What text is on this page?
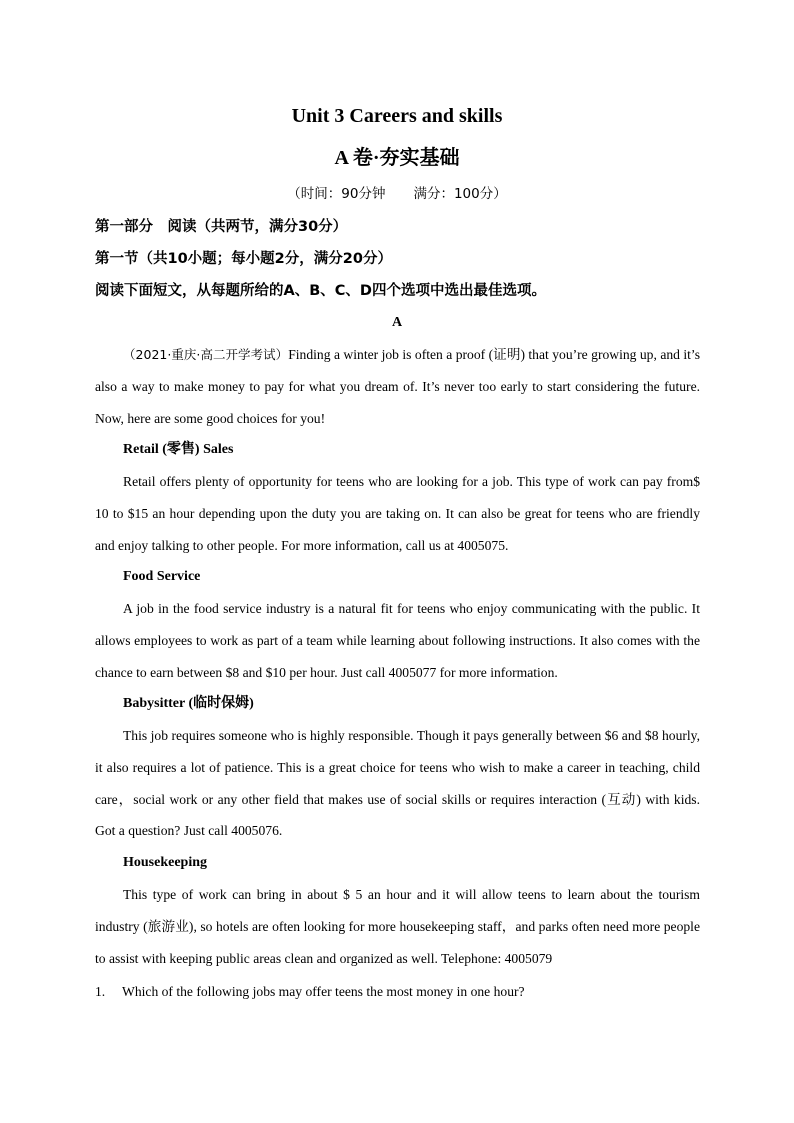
Unit 3 Careers and skills
A 卷·夯实基础
（时间：90分钟 满分：100分）
第一部分　阅读（共两节，满分30分）
第一节（共10小题；每小题2分，满分20分）
阅读下面短文，从每题所给的A、B、C、D四个选项中选出最佳选项。
A
（2021·重庆·高二开学考试）Finding a winter job is often a proof (证明) that you’re growing up, and it’s also a way to make money to pay for what you dream of. It’s never too early to start considering the future. Now, here are some good choices for you!
Retail (零售) Sales
Retail offers plenty of opportunity for teens who are looking for a job. This type of work can pay from$ 10 to $15 an hour depending upon the duty you are taking on. It can also be great for teens who are friendly and enjoy talking to other people. For more information, call us at 4005075.
Food Service
A job in the food service industry is a natural fit for teens who enjoy communicating with the public. It allows employees to work as part of a team while learning about following instructions. It also comes with the chance to earn between $8 and $10 per hour. Just call 4005077 for more information.
Babysitter (临时保姆)
This job requires someone who is highly responsible. Though it pays generally between $6 and $8 hourly, it also requires a lot of patience. This is a great choice for teens who wish to make a career in teaching, child care，social work or any other field that makes use of social skills or requires interaction (互动) with kids. Got a question? Just call 4005076.
Housekeeping
This type of work can bring in about $ 5 an hour and it will allow teens to learn about the tourism industry (旅游业), so hotels are often looking for more housekeeping staff，and parks often need more people to assist with keeping public areas clean and organized as well. Telephone: 4005079
1. Which of the following jobs may offer teens the most money in one hour?
